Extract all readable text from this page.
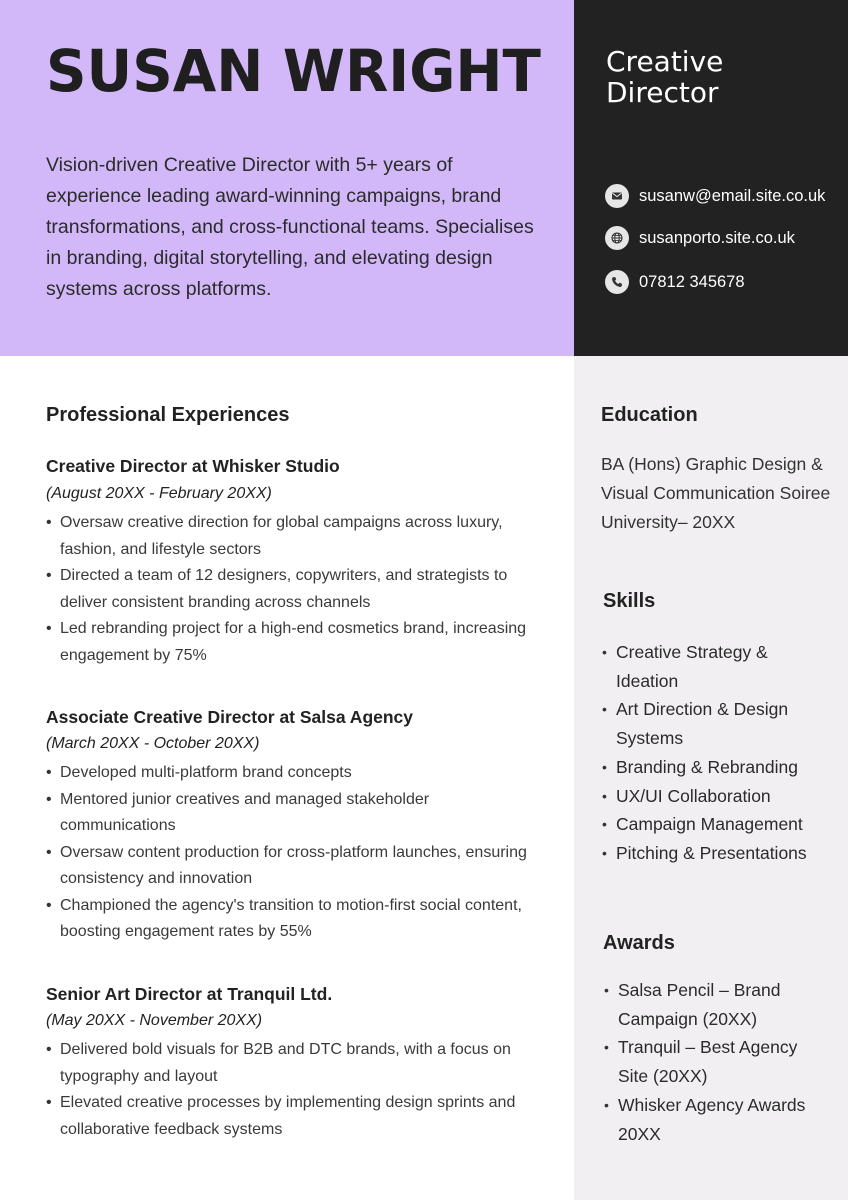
SUSAN WRIGHT

Vision-driven Creative Director with 5+ years of experience leading award-winning campaigns, brand transformations, and cross-functional teams. Specialises in branding, digital storytelling, and elevating design systems across platforms.

Creative Director
susanw@email.site.co.uk
susanporto.site.co.uk
07812 345678
Professional Experiences
Creative Director at Whisker Studio

(August 20XX - February 20XX)

• Oversaw creative direction for global campaigns across luxury, fashion, and lifestyle sectors
• Directed a team of 12 designers, copywriters, and strategists to deliver consistent branding across channels
• Led rebranding project for a high-end cosmetics brand, increasing engagement by 75%
Associate Creative Director at Salsa Agency

(March 20XX - October 20XX)

• Developed multi-platform brand concepts
• Mentored junior creatives and managed stakeholder communications
• Oversaw content production for cross-platform launches, ensuring consistency and innovation
• Championed the agency's transition to motion-first social content, boosting engagement rates by 55%
Senior Art Director at Tranquil Ltd.

(May 20XX - November 20XX)

• Delivered bold visuals for B2B and DTC brands, with a focus on typography and layout
• Elevated creative processes by implementing design sprints and collaborative feedback systems
Education

BA (Hons) Graphic Design & Visual Communication Soiree University– 20XX

Skills
• Creative Strategy & Ideation
• Art Direction & Design Systems
• Branding & Rebranding
• UX/UI Collaboration
• Campaign Management
• Pitching & Presentations
Awards
• Salsa Pencil – Brand Campaign (20XX)
• Tranquil – Best Agency Site (20XX)
• Whisker Agency Awards 20XX
